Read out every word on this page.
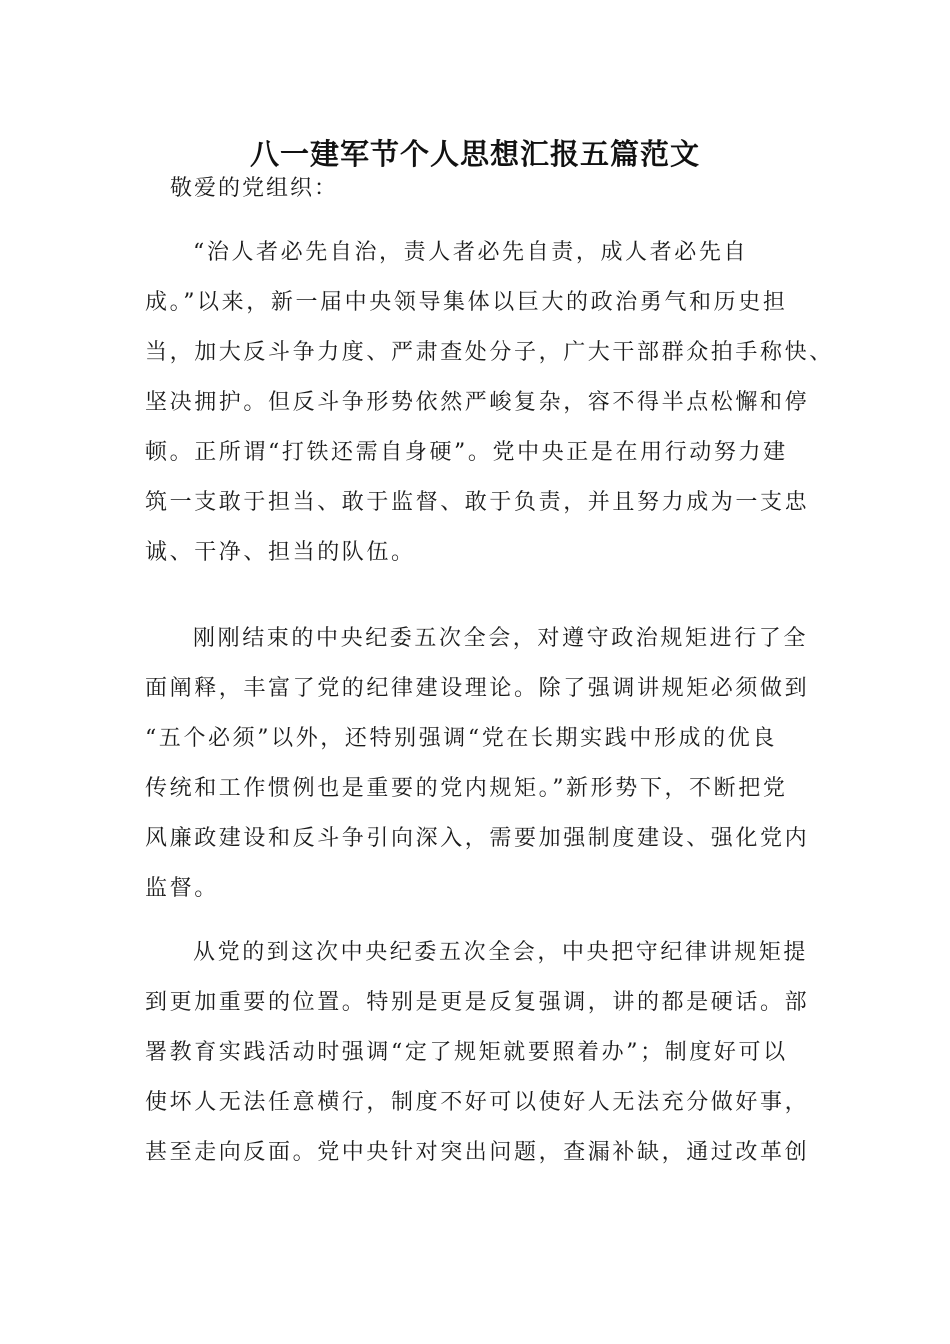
八一建军节个人思想汇报五篇范文

敬爱的党组织：

“治人者必先自治，责人者必先自责，成人者必先自
成。”以来，新一届中央领导集体以巨大的政治勇气和历史担
当，加大反斗争力度、严肃查处分子，广大干部群众拍手称快、
坚决拥护。但反斗争形势依然严峻复杂，容不得半点松懈和停
顿。正所谓“打铁还需自身硬”。党中央正是在用行动努力建
筑一支敢于担当、敢于监督、敢于负责，并且努力成为一支忠
诚、干净、担当的队伍。

刚刚结束的中央纪委五次全会，对遵守政治规矩进行了全
面阐释，丰富了党的纪律建设理论。除了强调讲规矩必须做到
“五个必须”以外，还特别强调“党在长期实践中形成的优良
传统和工作惯例也是重要的党内规矩。”新形势下，不断把党
风廉政建设和反斗争引向深入，需要加强制度建设、强化党内
监督。

从党的到这次中央纪委五次全会，中央把守纪律讲规矩提
到更加重要的位置。特别是更是反复强调，讲的都是硬话。部
署教育实践活动时强调“定了规矩就要照着办”；制度好可以
使坏人无法任意横行，制度不好可以使好人无法充分做好事，
甚至走向反面。党中央针对突出问题，查漏补缺，通过改革创
